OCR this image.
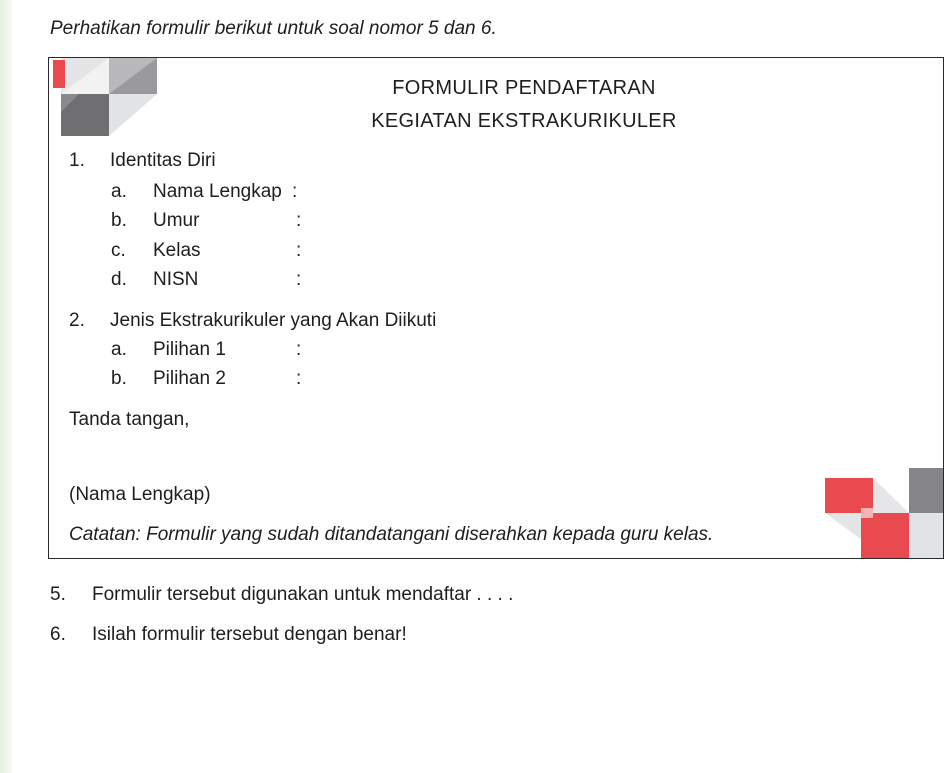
Perhatikan formulir berikut untuk soal nomor 5 dan 6.
FORMULIR PENDAFTARAN
KEGIATAN EKSTRAKURIKULER
1. Identitas Diri
a. Nama Lengkap :
b. Umur	:
c. Kelas	:
d. NISN	:
2. Jenis Ekstrakurikuler yang Akan Diikuti
a. Pilihan 1	:
b. Pilihan 2	:
Tanda tangan,
(Nama Lengkap)
Catatan: Formulir yang sudah ditandatangani diserahkan kepada guru kelas.
5. Formulir tersebut digunakan untuk mendaftar . . . .
6. Isilah formulir tersebut dengan benar!
